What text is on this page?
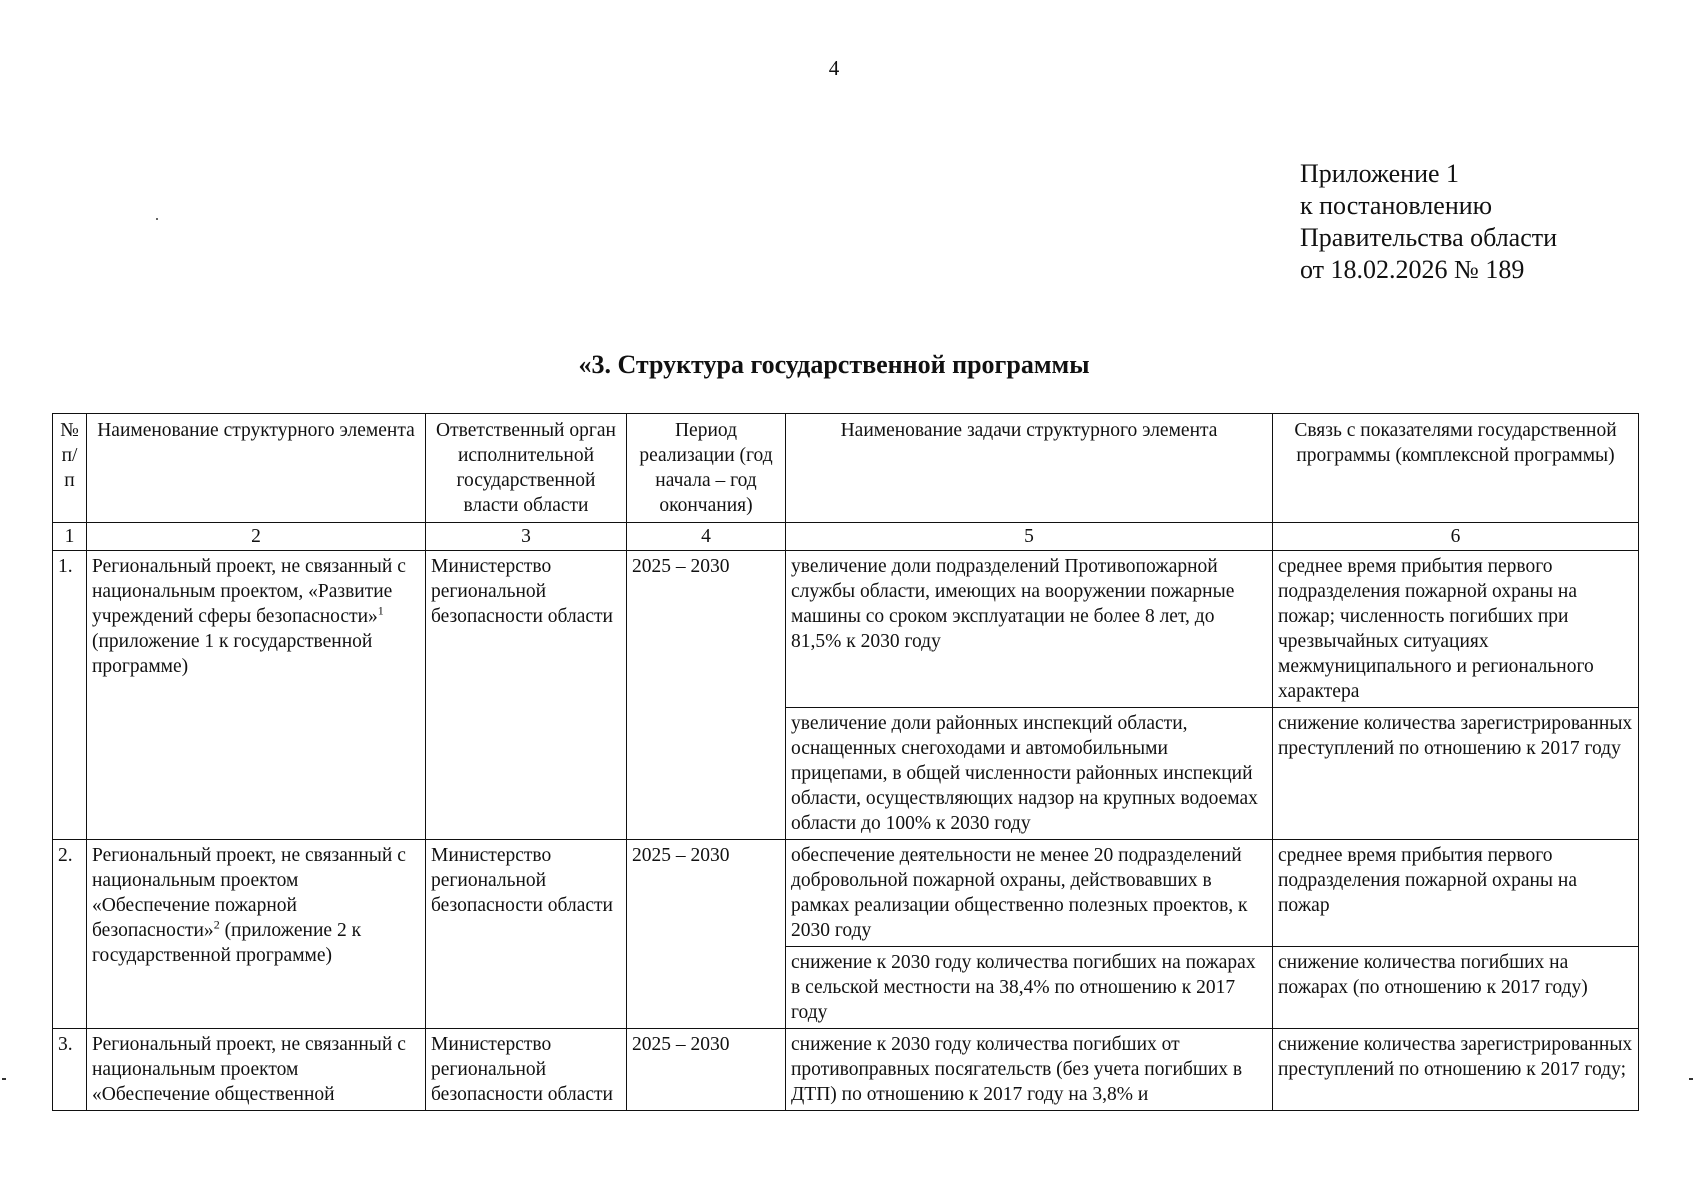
4
Приложение 1
к постановлению
Правительства области
от 18.02.2026 № 189
«3. Структура государственной программы
№ п/п	Наименование структурного элемента	Ответственный орган исполнительной государственной власти области	Период реализации (год начала – год окончания)	Наименование задачи структурного элемента	Связь с показателями государственной программы (комплексной программы)
1	2	3	4	5	6
1.	Региональный проект, не связанный с национальным проектом, «Развитие учреждений сферы безопасности»$^1$ (приложение 1 к государственной программе)	Министерство региональной безопасности области	2025 – 2030	увеличение доли подразделений Противопожарной службы области, имеющих на вооружении пожарные машины со сроком эксплуатации не более 8 лет, до 81,5% к 2030 году	среднее время прибытия первого подразделения пожарной охраны на пожар; численность погибших при чрезвычайных ситуациях межмуниципального и регионального характера
				увеличение доли районных инспекций области, оснащенных снегоходами и автомобильными прицепами, в общей численности районных инспекций области, осуществляющих надзор на крупных водоемах области до 100% к 2030 году	снижение количества зарегистрированных преступлений по отношению к 2017 году
2.	Региональный проект, не связанный с национальным проектом «Обеспечение пожарной безопасности»$^2$ (приложение 2 к государственной программе)	Министерство региональной безопасности области	2025 – 2030	обеспечение деятельности не менее 20 подразделений добровольной пожарной охраны, действовавших в рамках реализации общественно полезных проектов, к 2030 году	среднее время прибытия первого подразделения пожарной охраны на пожар
				снижение к 2030 году количества погибших на пожарах в сельской местности на 38,4% по отношению к 2017 году	снижение количества погибших на пожарах (по отношению к 2017 году)
3.	Региональный проект, не связанный с национальным проектом «Обеспечение общественной	Министерство региональной безопасности области	2025 – 2030	снижение к 2030 году количества погибших от противоправных посягательств (без учета погибших в ДТП) по отношению к 2017 году на 3,8% и	снижение количества зарегистрированных преступлений по отношению к 2017 году;
